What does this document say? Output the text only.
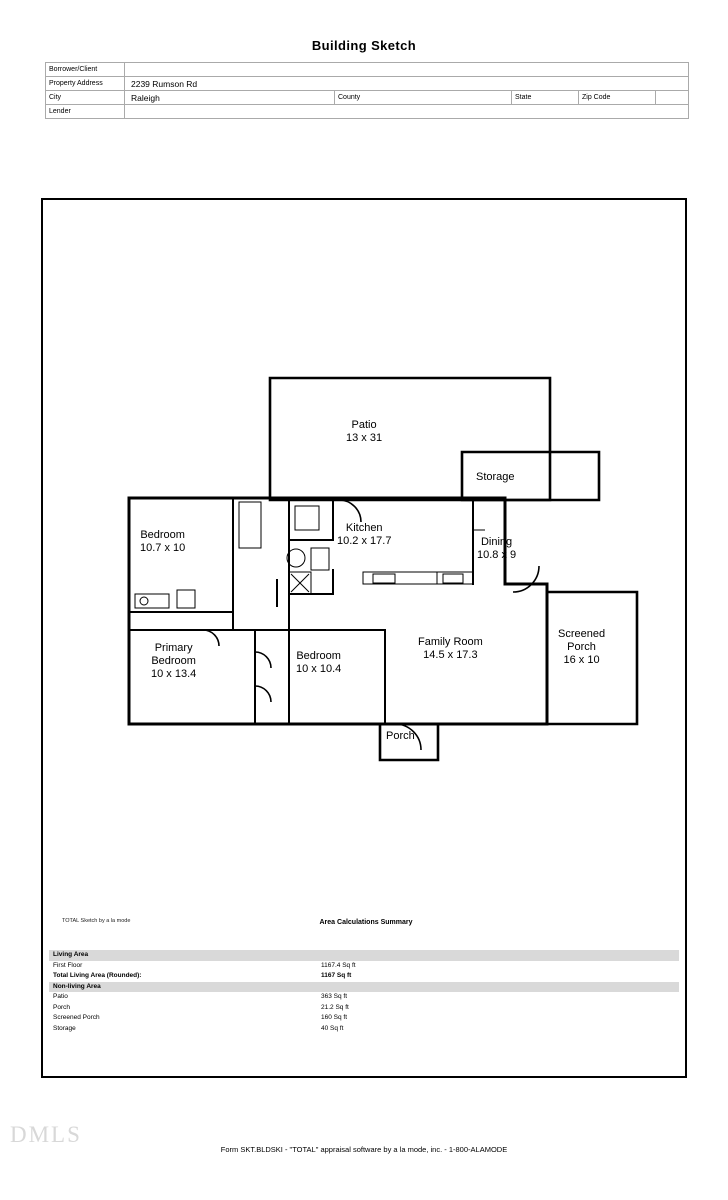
Building Sketch
Borrower/Client					
Property Address	2239 Rumson Rd				
City	Raleigh	County	State	Zip Code	
Lender					
Patio
13 x 31
Storage
Bedroom
10.7 x 10
Kitchen
10.2 x 17.7	Dining
10.8 x 9
Primary
Bedroom
10 x 13.4
Bedroom
10 x 10.4
Family Room
14.5 x 17.3
Screened
Porch
16 x 10
Porch
TOTAL Sketch by a la mode	Area Calculations Summary
Living Area
First Floor	1167.4 Sq ft
Total Living Area (Rounded):	1167 Sq ft
Non-living Area
Patio	363 Sq ft
Porch	21.2 Sq ft
Screened Porch	160 Sq ft
Storage	40 Sq ft
DMLS
Form SKT.BLDSKI - "TOTAL" appraisal software by a la mode, inc. - 1-800-ALAMODE
